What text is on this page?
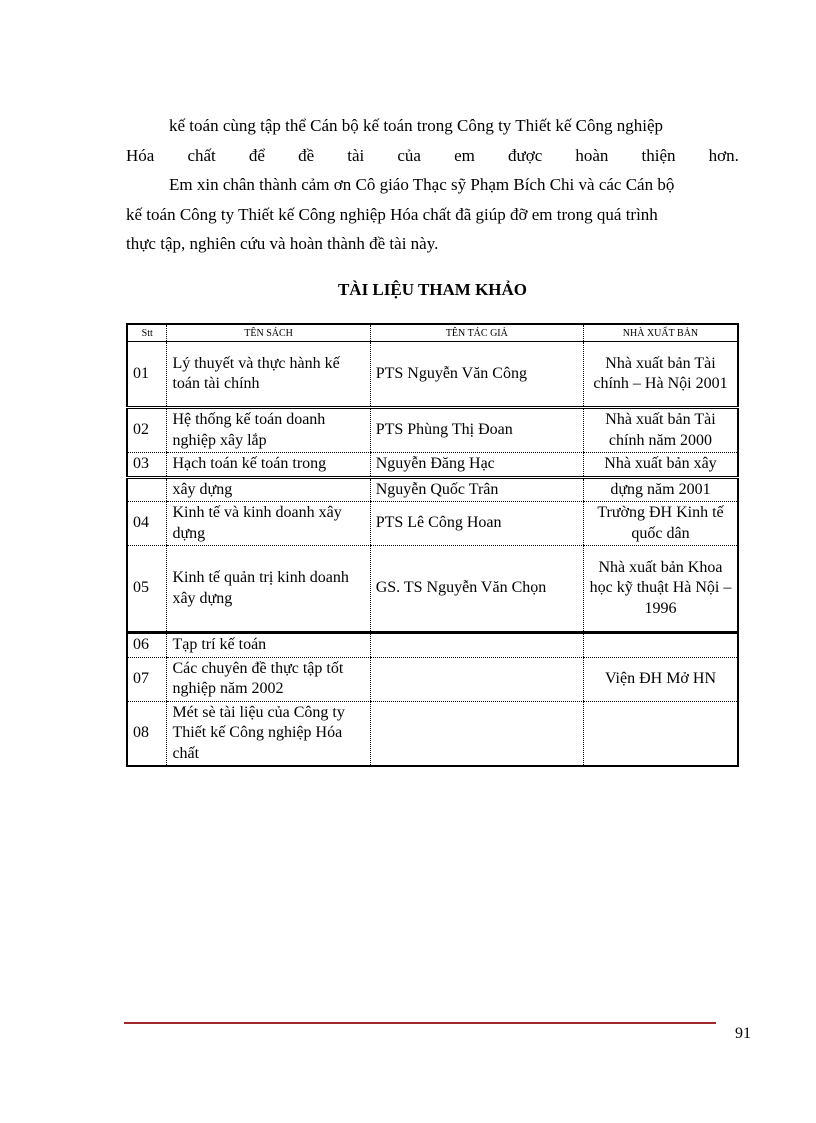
kế toán cùng tập thể Cán bộ kế toán trong Công ty Thiết kế Công nghiệp
Hóa chất để đề tài của em được hoàn thiện hơn.
Em xin chân thành cảm ơn Cô giáo Thạc sỹ Phạm Bích Chi và các Cán bộ
kế toán Công ty Thiết kế Công nghiệp Hóa chất đã giúp đỡ em trong quá trình
thực tập, nghiên cứu và hoàn thành đề tài này.
TÀI LIỆU THAM KHẢO
Stt	TÊN SÁCH	TÊN TÁC GIẢ	NHÀ XUẤT BẢN
01	Lý thuyết và thực hành kế toán tài chính	PTS Nguyễn Văn Công	Nhà xuất bản Tài chính – Hà Nội 2001
02	Hệ thống kế toán doanh nghiệp xây lắp	PTS Phùng Thị Đoan	Nhà xuất bản Tài chính năm 2000
03	Hạch toán kế toán trong	Nguyễn Đăng Hạc	Nhà xuất bản xây
	xây dựng	Nguyễn Quốc Trân	dựng năm 2001
04	Kinh tế và kinh doanh xây dựng	PTS Lê Công Hoan	Trường ĐH Kinh tế quốc dân
05	Kinh tế quản trị kinh doanh xây dựng	GS. TS Nguyễn Văn Chọn	Nhà xuất bản Khoa học kỹ thuật Hà Nội – 1996
06	Tạp trí kế toán		
07	Các chuyên đề thực tập tốt nghiệp năm 2002		Viện ĐH Mở HN
08	Mét sè tài liệu của Công ty Thiết kế Công nghiệp Hóa chất		
91
